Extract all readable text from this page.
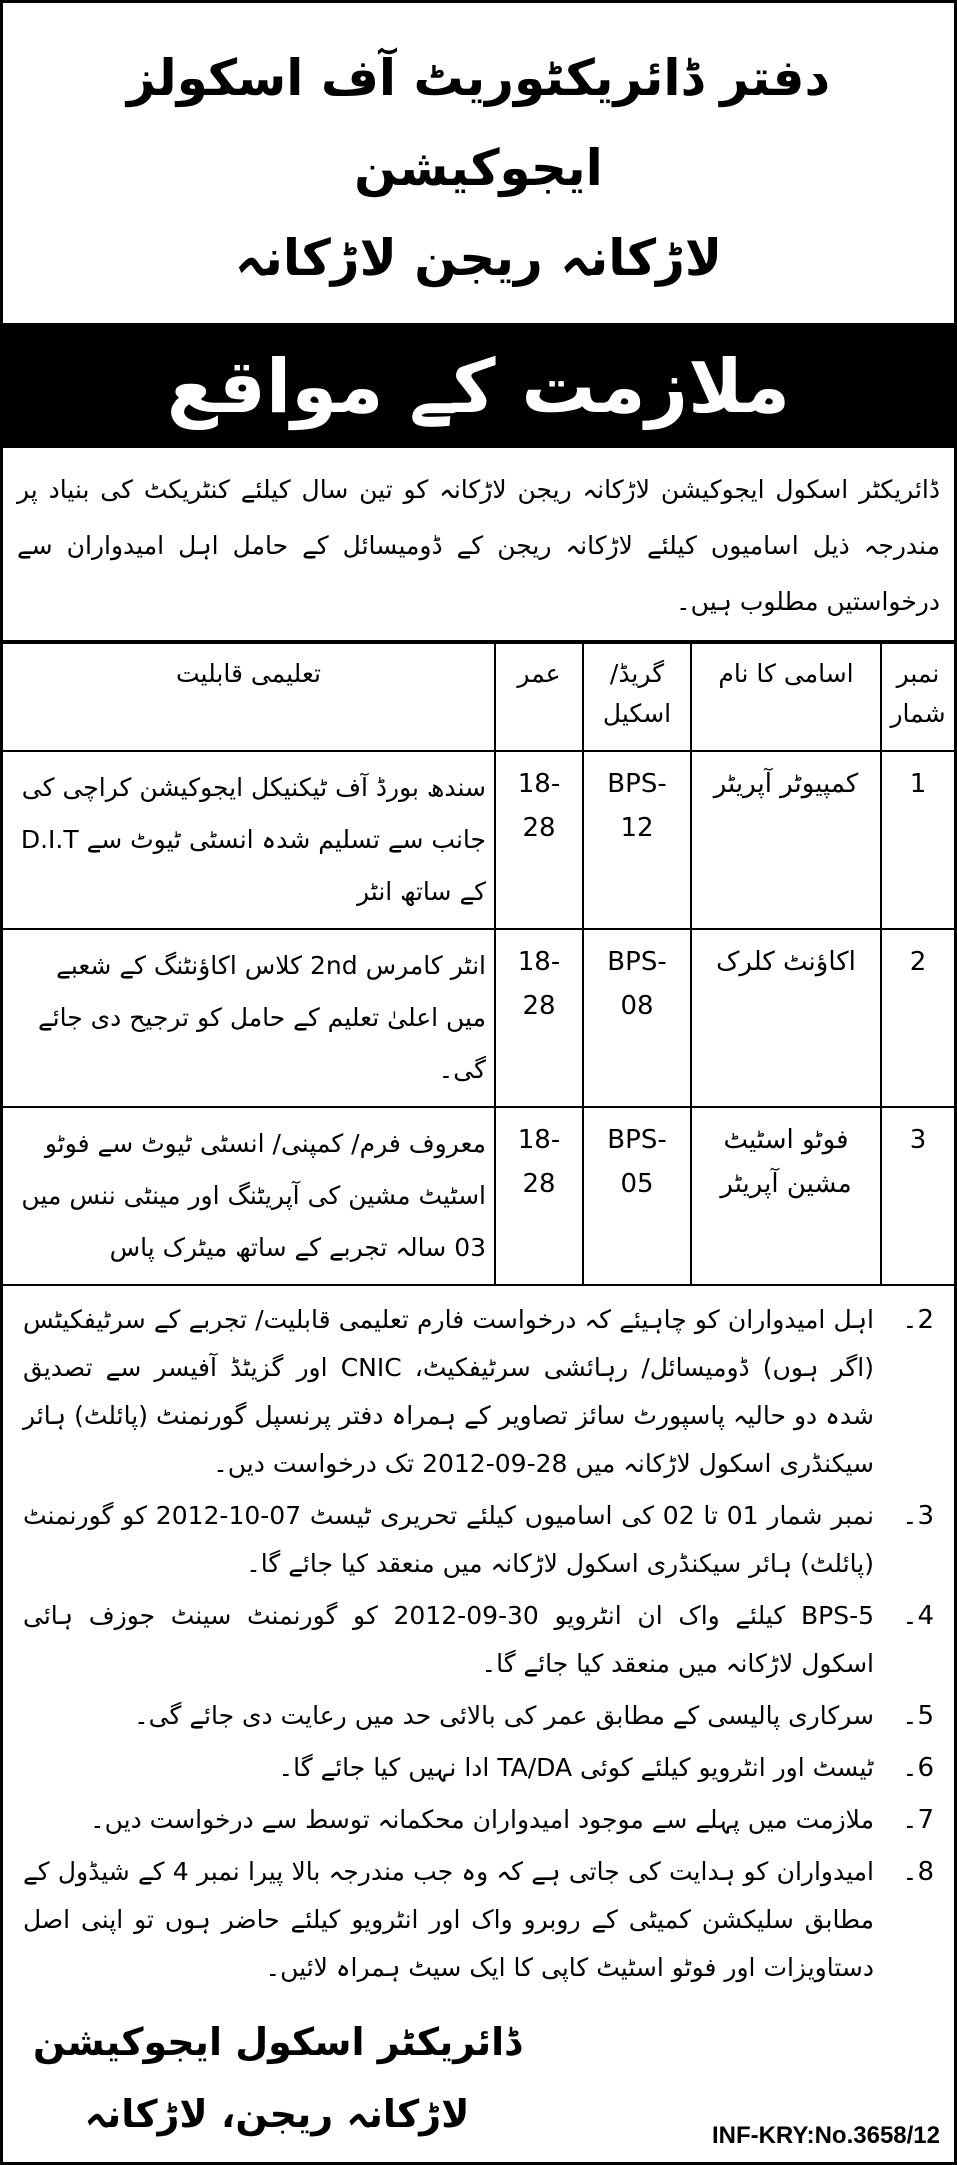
دفتر ڈائریکٹوریٹ آف اسکولز ایجوکیشن
لاڑکانہ ریجن لاڑکانہ
ملازمت کے مواقع
ڈائریکٹر اسکول ایجوکیشن لاڑکانہ ریجن لاڑکانہ کو تین سال کیلئے کنٹریکٹ کی بنیاد پر مندرجہ ذیل اسامیوں کیلئے لاڑکانہ ریجن کے ڈومیسائل کے حامل اہل امیدواران سے درخواستیں مطلوب ہیں۔
نمبر شمار	اسامی کا نام	گریڈ/ اسکیل	عمر	تعلیمی قابلیت
1	کمپیوٹر آپریٹر	BPS-12	18-28	سندھ بورڈ آف ٹیکنیکل ایجوکیشن کراچی کی جانب سے تسلیم شدہ انسٹی ٹیوٹ سے D.I.T کے ساتھ انٹر
2	اکاؤنٹ کلرک	BPS-08	18-28	انٹر کامرس 2nd کلاس اکاؤنٹنگ کے شعبے میں اعلیٰ تعلیم کے حامل کو ترجیح دی جائے گی۔
3	فوٹو اسٹیٹ مشین آپریٹر	BPS-05	18-28	معروف فرم/ کمپنی/ انسٹی ٹیوٹ سے فوٹو اسٹیٹ مشین کی آپریٹنگ اور مینٹی ننس میں 03 سالہ تجربے کے ساتھ میٹرک پاس
2۔
اہل امیدواران کو چاہیئے کہ درخواست فارم تعلیمی قابلیت/ تجربے کے سرٹیفکیٹس (اگر ہوں) ڈومیسائل/ رہائشی سرٹیفکیٹ، CNIC اور گزیٹڈ آفیسر سے تصدیق شدہ دو حالیہ پاسپورٹ سائز تصاویر کے ہمراہ دفتر پرنسپل گورنمنٹ (پائلٹ) ہائر سیکنڈری اسکول لاڑکانہ میں 28-09-2012 تک درخواست دیں۔
3۔
نمبر شمار 01 تا 02 کی اسامیوں کیلئے تحریری ٹیسٹ 07-10-2012 کو گورنمنٹ (پائلٹ) ہائر سیکنڈری اسکول لاڑکانہ میں منعقد کیا جائے گا۔
4۔
BPS-5 کیلئے واک ان انٹرویو 30-09-2012 کو گورنمنٹ سینٹ جوزف ہائی اسکول لاڑکانہ میں منعقد کیا جائے گا۔
5۔
سرکاری پالیسی کے مطابق عمر کی بالائی حد میں رعایت دی جائے گی۔
6۔
ٹیسٹ اور انٹرویو کیلئے کوئی TA/DA ادا نہیں کیا جائے گا۔
7۔
ملازمت میں پہلے سے موجود امیدواران محکمانہ توسط سے درخواست دیں۔
8۔
امیدواران کو ہدایت کی جاتی ہے کہ وہ جب مندرجہ بالا پیرا نمبر 4 کے شیڈول کے مطابق سلیکشن کمیٹی کے روبرو واک اور انٹرویو کیلئے حاضر ہوں تو اپنی اصل دستاویزات اور فوٹو اسٹیٹ کاپی کا ایک سیٹ ہمراہ لائیں۔
ڈائریکٹر اسکول ایجوکیشن
لاڑکانہ ریجن، لاڑکانہ	INF-KRY:No.3658/12
